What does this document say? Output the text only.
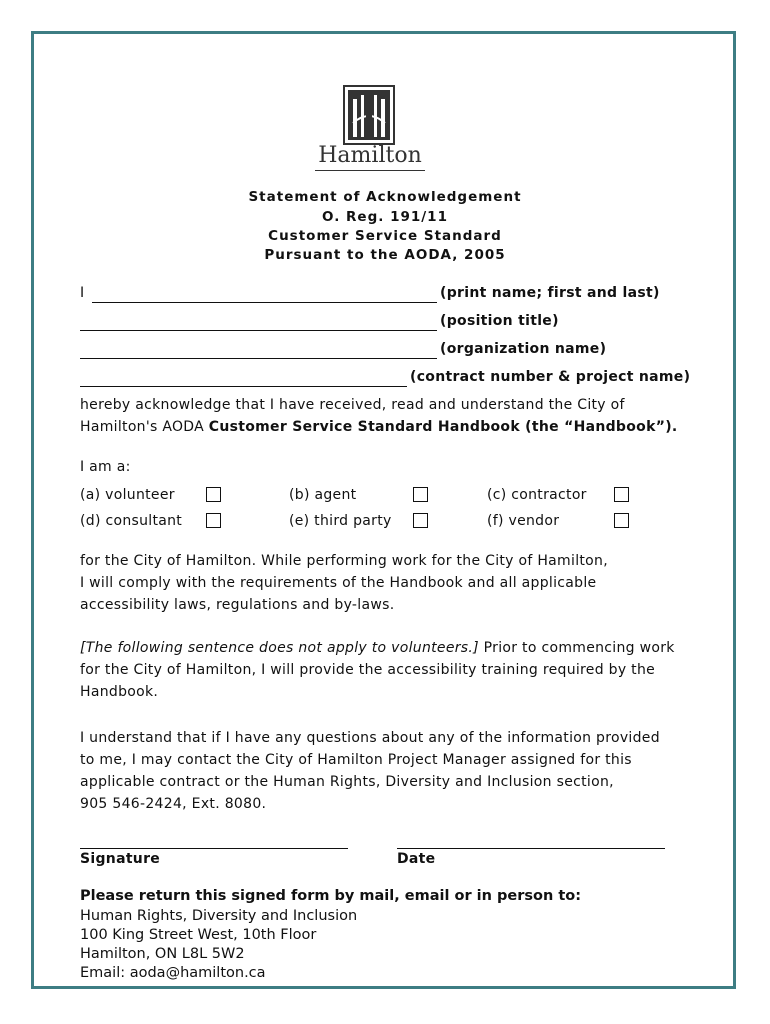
Hamilton
Statement of Acknowledgement
O. Reg. 191/11
Customer Service Standard
Pursuant to the AODA, 2005
I	(print name; first and last)
(position title)
(organization name)
(contract number & project name)
hereby acknowledge that I have received, read and understand the City of
Hamilton's AODA Customer Service Standard Handbook (the “Handbook”).
I am a:
(a) volunteer	(b) agent	(c) contractor
(d) consultant	(e) third party	(f) vendor
for the City of Hamilton. While performing work for the City of Hamilton,
I will comply with the requirements of the Handbook and all applicable
accessibility laws, regulations and by-laws.
[The following sentence does not apply to volunteers.] Prior to commencing work
for the City of Hamilton, I will provide the accessibility training required by the
Handbook.
I understand that if I have any questions about any of the information provided
to me, I may contact the City of Hamilton Project Manager assigned for this
applicable contract or the Human Rights, Diversity and Inclusion section,
905 546-2424, Ext. 8080.
Signature	Date
Please return this signed form by mail, email or in person to:
Human Rights, Diversity and Inclusion
100 King Street West, 10th Floor
Hamilton, ON L8L 5W2
Email: aoda@hamilton.ca
